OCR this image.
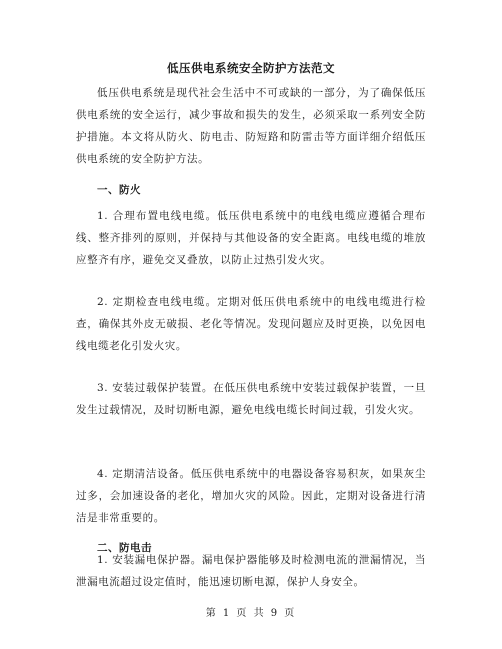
低压供电系统安全防护方法范文
低压供电系统是现代社会生活中不可或缺的一部分，为了确保低压供电系统的安全运行，减少事故和损失的发生，必须采取一系列安全防护措施。本文将从防火、防电击、防短路和防雷击等方面详细介绍低压供电系统的安全防护方法。
一、防火
1. 合理布置电线电缆。低压供电系统中的电线电缆应遵循合理布线、整齐排列的原则，并保持与其他设备的安全距离。电线电缆的堆放应整齐有序，避免交叉叠放，以防止过热引发火灾。
2. 定期检查电线电缆。定期对低压供电系统中的电线电缆进行检查，确保其外皮无破损、老化等情况。发现问题应及时更换，以免因电线电缆老化引发火灾。
3. 安装过载保护装置。在低压供电系统中安装过载保护装置，一旦发生过载情况，及时切断电源，避免电线电缆长时间过载，引发火灾。
4. 定期清洁设备。低压供电系统中的电器设备容易积灰，如果灰尘过多，会加速设备的老化，增加火灾的风险。因此，定期对设备进行清洁是非常重要的。
二、防电击
1. 安装漏电保护器。漏电保护器能够及时检测电流的泄漏情况，当泄漏电流超过设定值时，能迅速切断电源，保护人身安全。
第 1 页 共 9 页
